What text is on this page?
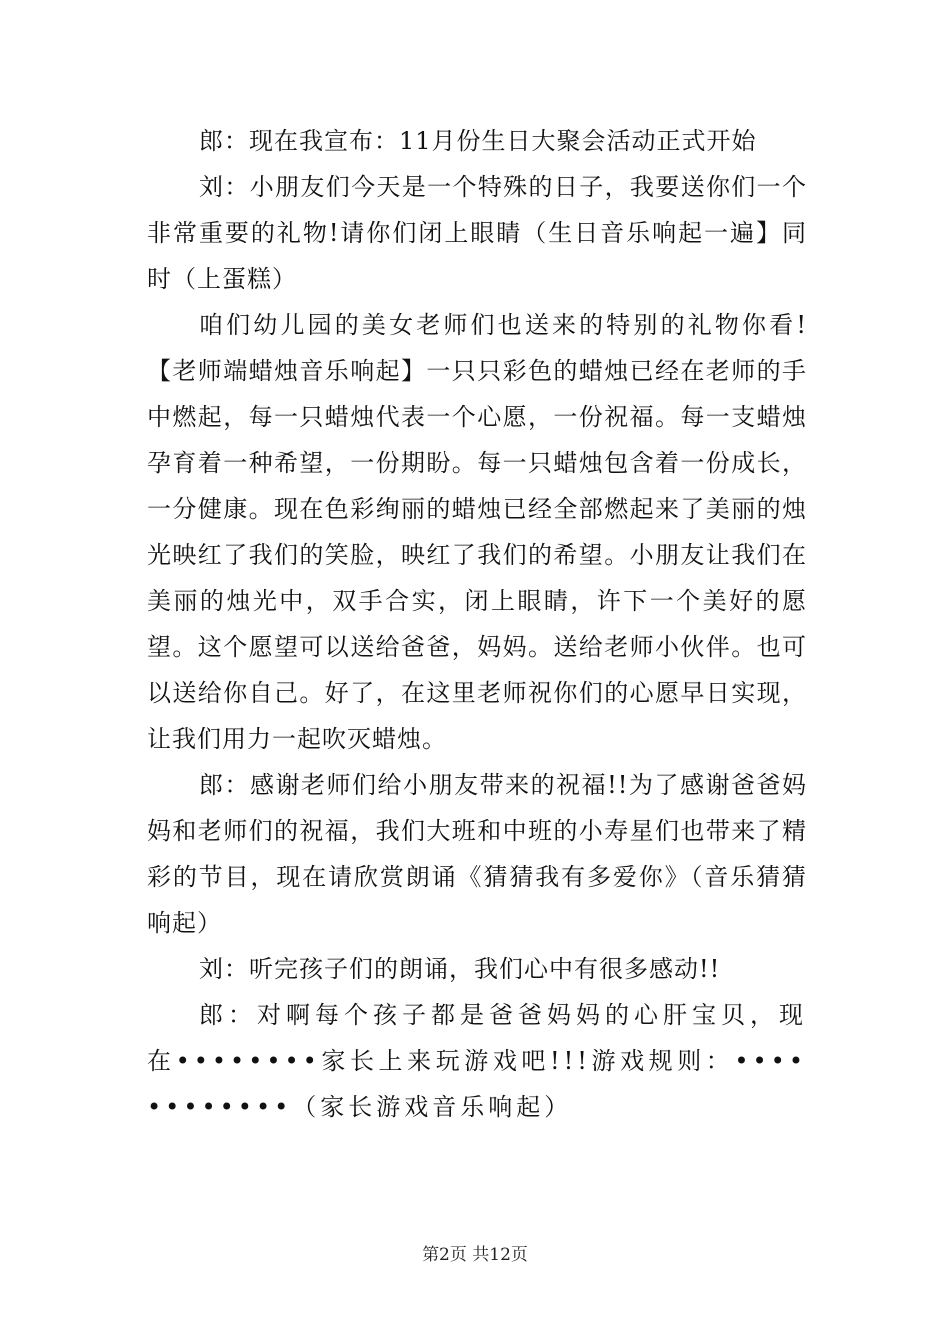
郎：现在我宣布：11月份生日大聚会活动正式开始

刘：小朋友们今天是一个特殊的日子，我要送你们一个非常重要的礼物!请你们闭上眼睛（生日音乐响起一遍】同时（上蛋糕）

咱们幼儿园的美女老师们也送来的特别的礼物你看!【老师端蜡烛音乐响起】一只只彩色的蜡烛已经在老师的手中燃起，每一只蜡烛代表一个心愿，一份祝福。每一支蜡烛孕育着一种希望，一份期盼。每一只蜡烛包含着一份成长，一分健康。现在色彩绚丽的蜡烛已经全部燃起来了美丽的烛光映红了我们的笑脸，映红了我们的希望。小朋友让我们在美丽的烛光中，双手合实，闭上眼睛，许下一个美好的愿望。这个愿望可以送给爸爸，妈妈。送给老师小伙伴。也可以送给你自己。好了，在这里老师祝你们的心愿早日实现，让我们用力一起吹灭蜡烛。

郎：感谢老师们给小朋友带来的祝福!!为了感谢爸爸妈妈和老师们的祝福，我们大班和中班的小寿星们也带来了精彩的节目，现在请欣赏朗诵《猜猜我有多爱你》（音乐猜猜响起）

刘：听完孩子们的朗诵，我们心中有很多感动!!

郎：对啊每个孩子都是爸爸妈妈的心肝宝贝，现在••••••••家长上来玩游戏吧!!!游戏规则：••••••••••••（家长游戏音乐响起）

第2页 共12页
